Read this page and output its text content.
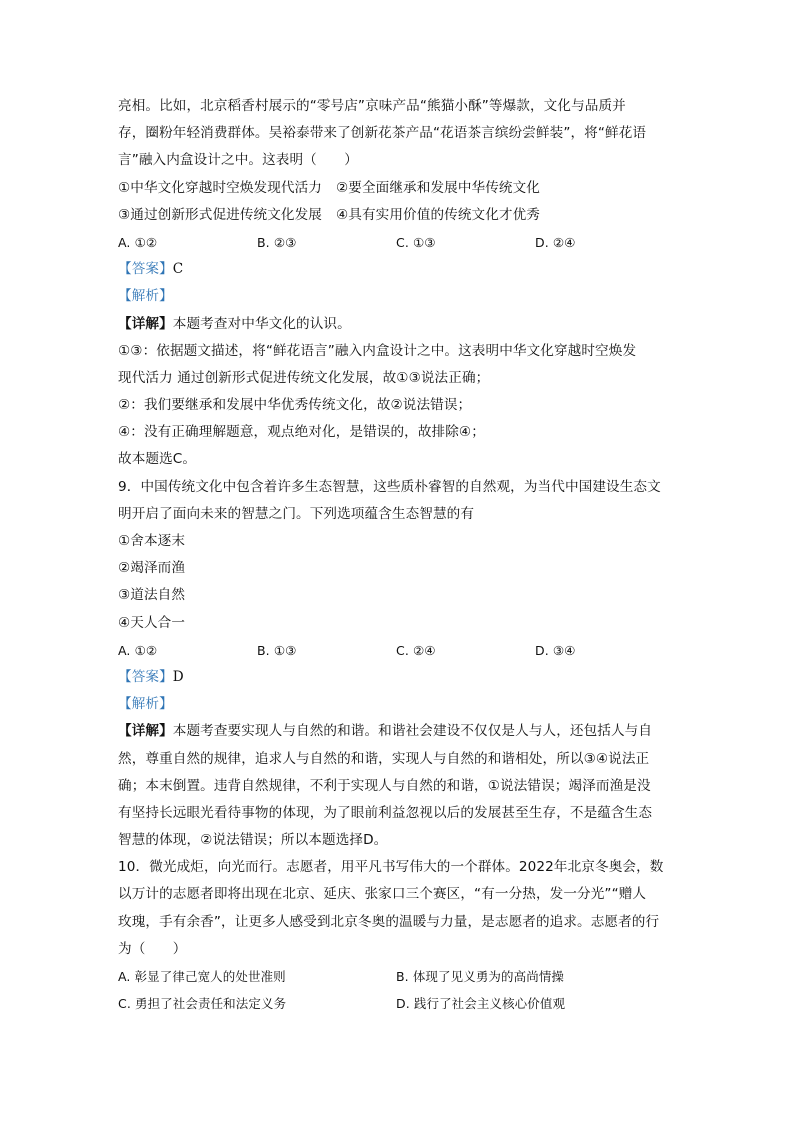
亮相。比如，北京稻香村展示的“零号店”京味产品“熊猫小酥”等爆款，文化与品质并
存，圈粉年轻消费群体。吴裕泰带来了创新花茶产品“花语茶言缤纷尝鲜装”，将“鲜花语
言”融入内盒设计之中。这表明（　　）
①中华文化穿越时空焕发现代活力	②要全面继承和发展中华传统文化
③通过创新形式促进传统文化发展	④具有实用价值的传统文化才优秀
A. ①②	B. ②③	C. ①③	D. ②④
【答案】C
【解析】
【详解】本题考查对中华文化的认识。
①③：依据题文描述，将“鲜花语言”融入内盒设计之中。这表明中华文化穿越时空焕发
现代活力 通过创新形式促进传统文化发展，故①③说法正确；
②：我们要继承和发展中华优秀传统文化，故②说法错误；
④：没有正确理解题意，观点绝对化，是错误的，故排除④；
故本题选C。
9．中国传统文化中包含着许多生态智慧，这些质朴睿智的自然观，为当代中国建设生态文
明开启了面向未来的智慧之门。下列选项蕴含生态智慧的有
①舍本逐末
②竭泽而渔
③道法自然
④天人合一
A. ①②	B. ①③	C. ②④	D. ③④
【答案】D
【解析】
【详解】本题考查要实现人与自然的和谐。和谐社会建设不仅仅是人与人，还包括人与自
然，尊重自然的规律，追求人与自然的和谐，实现人与自然的和谐相处，所以③④说法正
确；本末倒置。违背自然规律，不利于实现人与自然的和谐，①说法错误；竭泽而渔是没
有坚持长远眼光看待事物的体现，为了眼前利益忽视以后的发展甚至生存，不是蕴含生态
智慧的体现，②说法错误；所以本题选择D。
10．微光成炬，向光而行。志愿者，用平凡书写伟大的一个群体。2022年北京冬奥会，数
以万计的志愿者即将出现在北京、延庆、张家口三个赛区，“有一分热，发一分光”“赠人
玫瑰，手有余香”，让更多人感受到北京冬奥的温暖与力量，是志愿者的追求。志愿者的行
为（　　）
A. 彰显了律己宽人的处世准则	B. 体现了见义勇为的高尚情操
C. 勇担了社会责任和法定义务	D. 践行了社会主义核心价值观
